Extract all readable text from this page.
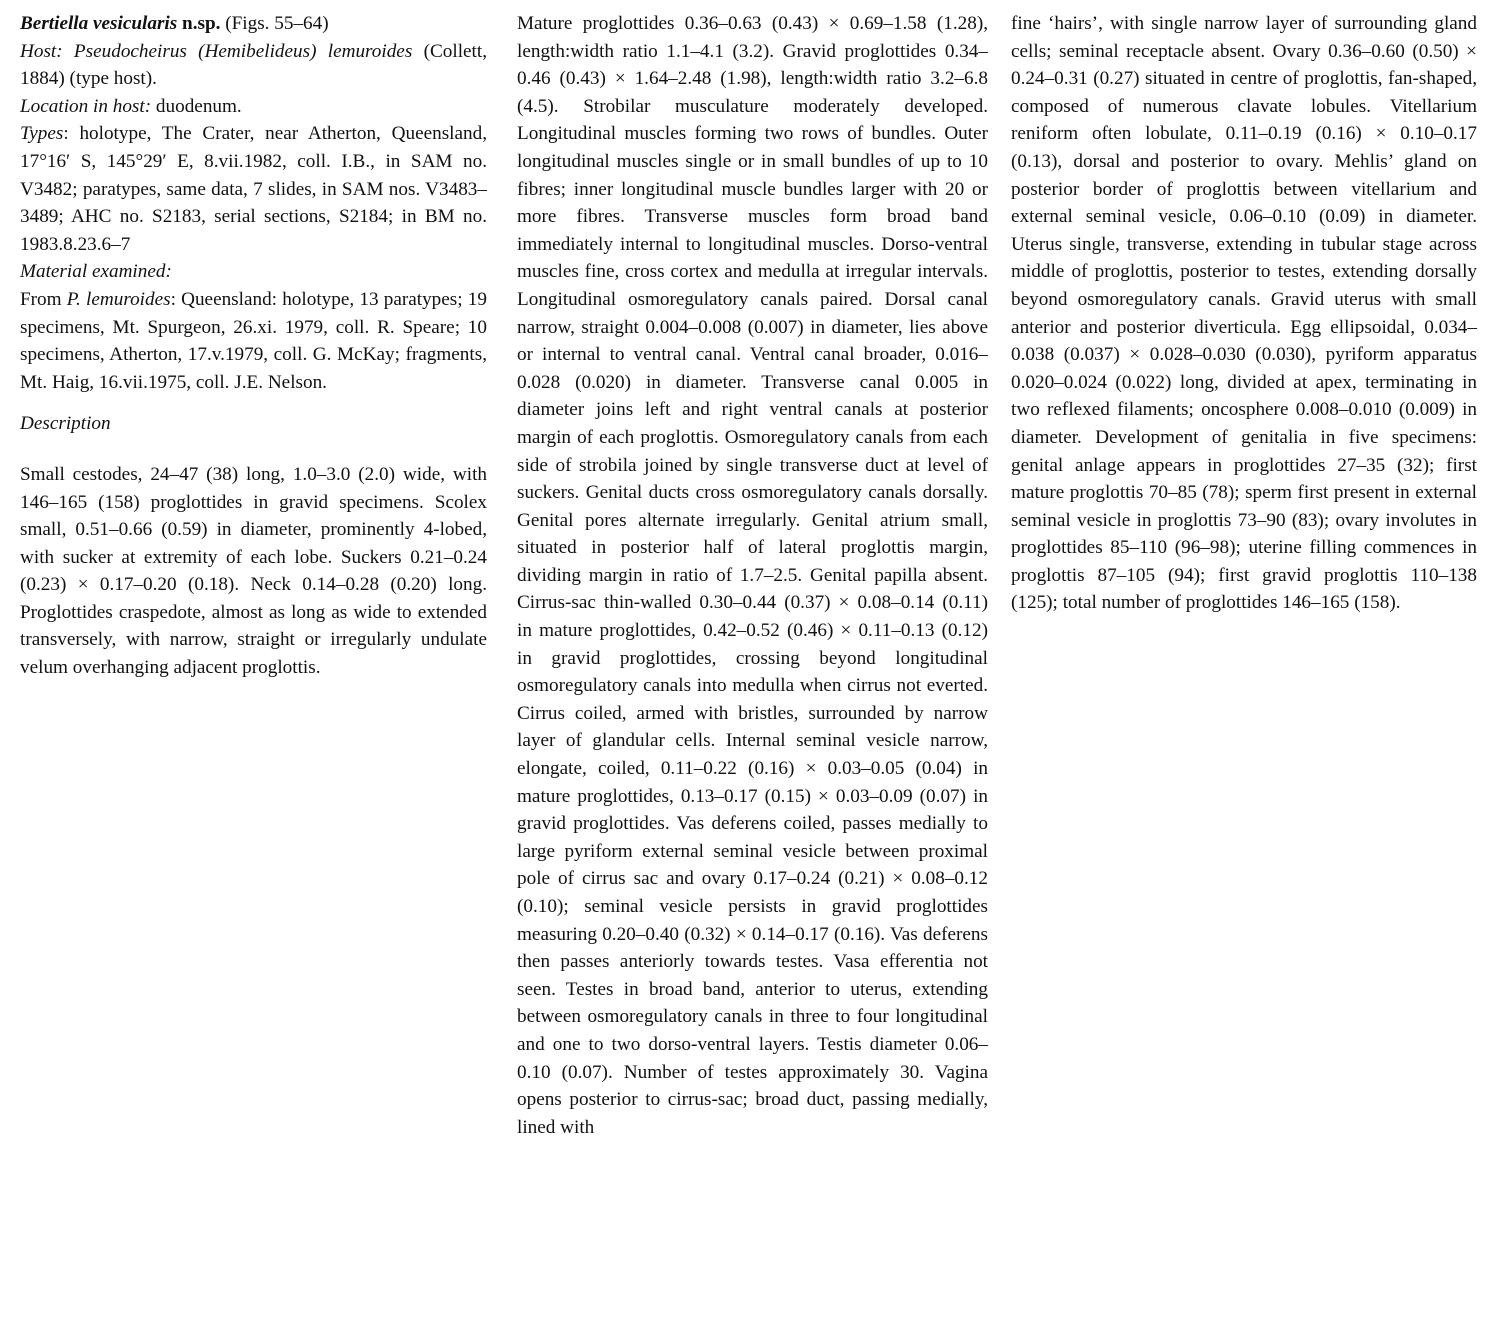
Bertiella vesicularis n.sp. (Figs. 55–64)

Host: Pseudocheirus (Hemibelideus) lemuroides (Collett, 1884) (type host).

Location in host: duodenum.

Types: holotype, The Crater, near Atherton, Queensland, 17°16′ S, 145°29′ E, 8.vii.1982, coll. I.B., in SAM no. V3482; paratypes, same data, 7 slides, in SAM nos. V3483–3489; AHC no. S2183, serial sections, S2184; in BM no. 1983.8.23.6–7

Material examined:

From P. lemuroides: Queensland: holotype, 13 paratypes; 19 specimens, Mt. Spurgeon, 26.xi. 1979, coll. R. Speare; 10 specimens, Atherton, 17.v.1979, coll. G. McKay; fragments, Mt. Haig, 16.vii.1975, coll. J.E. Nelson.

Description

Small cestodes, 24–47 (38) long, 1.0–3.0 (2.0) wide, with 146–165 (158) proglottides in gravid specimens. Scolex small, 0.51–0.66 (0.59) in diameter, prominently 4-lobed, with sucker at extremity of each lobe. Suckers 0.21–0.24 (0.23) × 0.17–0.20 (0.18). Neck 0.14–0.28 (0.20) long. Proglottides craspedote, almost as long as wide to extended transversely, with narrow, straight or irregularly undulate velum overhanging adjacent proglottis.

Mature proglottides 0.36–0.63 (0.43) × 0.69–1.58 (1.28), length:width ratio 1.1–4.1 (3.2). Gravid proglottides 0.34–0.46 (0.43) × 1.64–2.48 (1.98), length:width ratio 3.2–6.8 (4.5). Strobilar musculature moderately developed. Longitudinal muscles forming two rows of bundles. Outer longitudinal muscles single or in small bundles of up to 10 fibres; inner longitudinal muscle bundles larger with 20 or more fibres. Transverse muscles form broad band immediately internal to longitudinal muscles. Dorso-ventral muscles fine, cross cortex and medulla at irregular intervals. Longitudinal osmoregulatory canals paired. Dorsal canal narrow, straight 0.004–0.008 (0.007) in diameter, lies above or internal to ventral canal. Ventral canal broader, 0.016–0.028 (0.020) in diameter. Transverse canal 0.005 in diameter joins left and right ventral canals at posterior margin of each proglottis. Osmoregulatory canals from each side of strobila joined by single transverse duct at level of suckers. Genital ducts cross osmoregulatory canals dorsally. Genital pores alternate irregularly. Genital atrium small, situated in posterior half of lateral proglottis margin, dividing margin in ratio of 1.7–2.5. Genital papilla absent. Cirrus-sac thin-walled 0.30–0.44 (0.37) × 0.08–0.14 (0.11) in mature proglottides, 0.42–0.52 (0.46) × 0.11–0.13 (0.12) in gravid proglottides, crossing beyond longitudinal osmoregulatory canals into medulla when cirrus not everted. Cirrus coiled, armed with bristles, surrounded by narrow layer of glandular cells. Internal seminal vesicle narrow, elongate, coiled, 0.11–0.22 (0.16) × 0.03–0.05 (0.04) in mature proglottides, 0.13–0.17 (0.15) × 0.03–0.09 (0.07) in gravid proglottides. Vas deferens coiled, passes medially to large pyriform external seminal vesicle between proximal pole of cirrus sac and ovary 0.17–0.24 (0.21) × 0.08–0.12 (0.10); seminal vesicle persists in gravid proglottides measuring 0.20–0.40 (0.32) × 0.14–0.17 (0.16). Vas deferens then passes anteriorly towards testes. Vasa efferentia not seen. Testes in broad band, anterior to uterus, extending between osmoregulatory canals in three to four longitudinal and one to two dorso-ventral layers. Testis diameter 0.06–0.10 (0.07). Number of testes approximately 30. Vagina opens posterior to cirrus-sac; broad duct, passing medially, lined with

fine ‘hairs’, with single narrow layer of surrounding gland cells; seminal receptacle absent. Ovary 0.36–0.60 (0.50) × 0.24–0.31 (0.27) situated in centre of proglottis, fan-shaped, composed of numerous clavate lobules. Vitellarium reniform often lobulate, 0.11–0.19 (0.16) × 0.10–0.17 (0.13), dorsal and posterior to ovary. Mehlis’ gland on posterior border of proglottis between vitellarium and external seminal vesicle, 0.06–0.10 (0.09) in diameter. Uterus single, transverse, extending in tubular stage across middle of proglottis, posterior to testes, extending dorsally beyond osmoregulatory canals. Gravid uterus with small anterior and posterior diverticula. Egg ellipsoidal, 0.034–0.038 (0.037) × 0.028–0.030 (0.030), pyriform apparatus 0.020–0.024 (0.022) long, divided at apex, terminating in two reflexed filaments; oncosphere 0.008–0.010 (0.009) in diameter. Development of genitalia in five specimens: genital anlage appears in proglottides 27–35 (32); first mature proglottis 70–85 (78); sperm first present in external seminal vesicle in proglottis 73–90 (83); ovary involutes in proglottides 85–110 (96–98); uterine filling commences in proglottis 87–105 (94); first gravid proglottis 110–138 (125); total number of proglottides 146–165 (158).
